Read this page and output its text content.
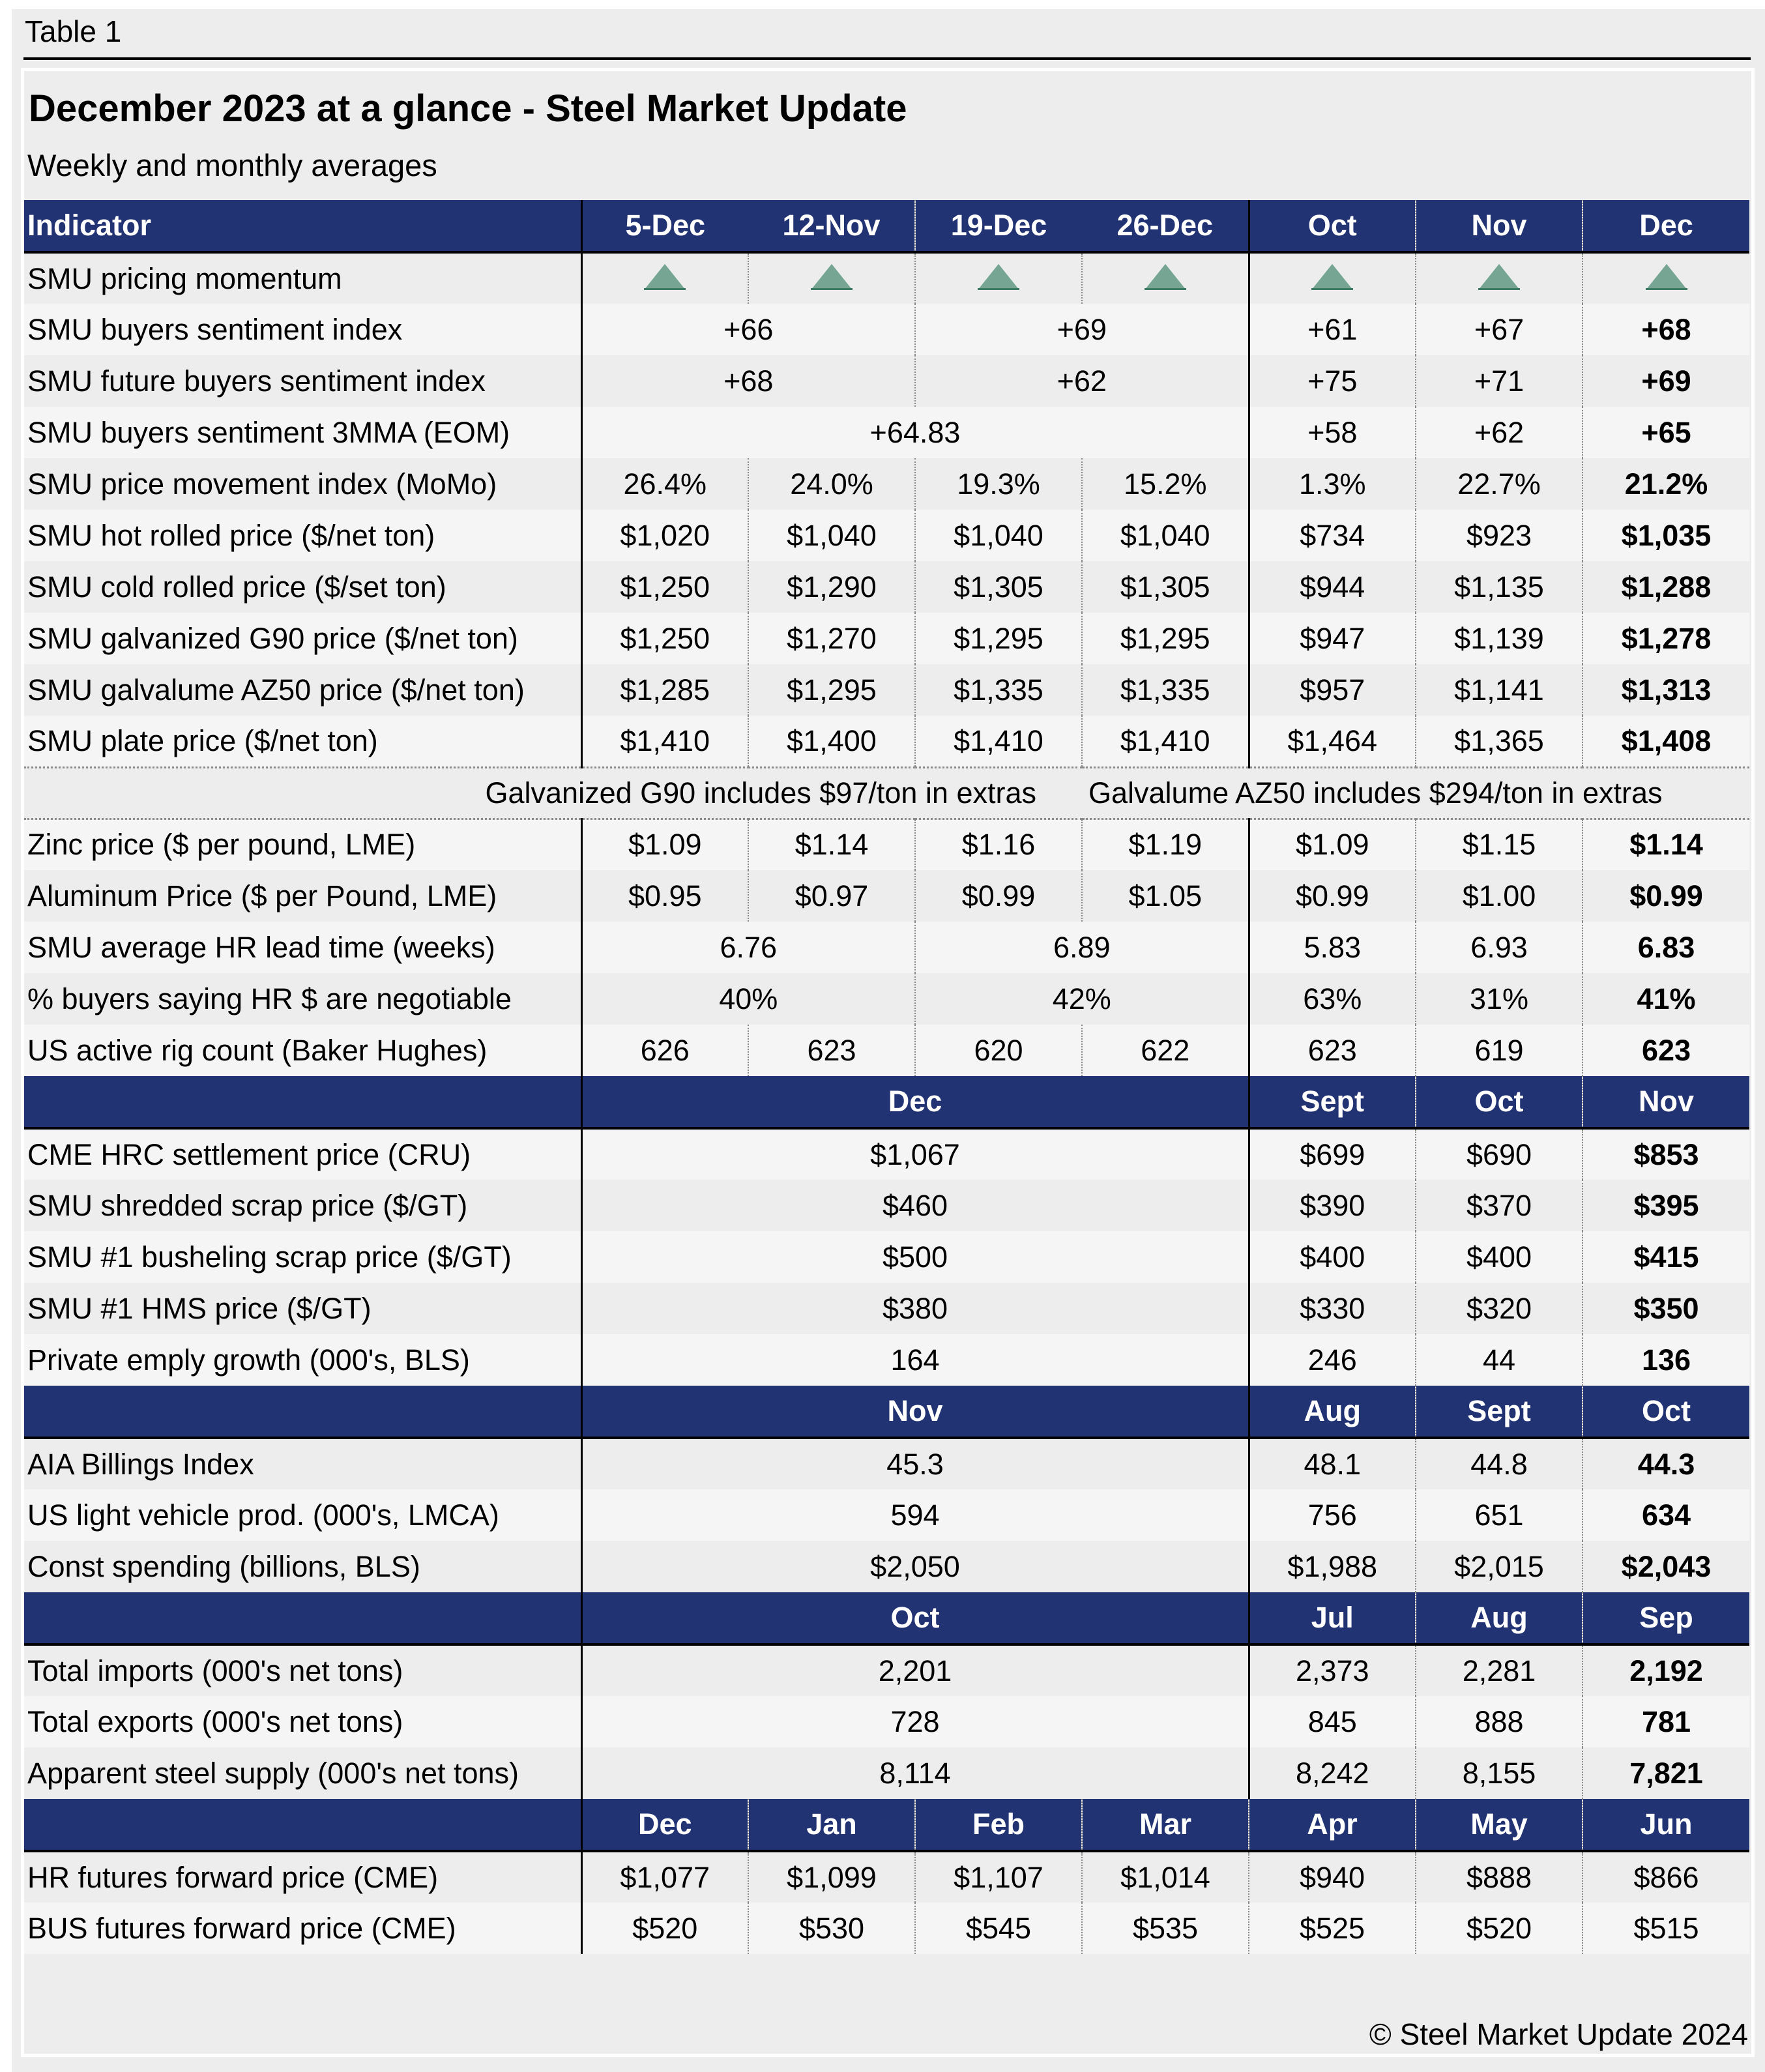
Table 1
December 2023 at a glance - Steel Market Update
Weekly and monthly averages
Indicator	5-Dec	12-Nov	19-Dec	26-Dec	Oct	Nov	Dec
SMU pricing momentum							
SMU buyers sentiment index	+66		+69		+61	+67	+68
SMU future buyers sentiment index	+68		+62		+75	+71	+69
SMU buyers sentiment 3MMA (EOM)	+64.83				+58	+62	+65
SMU price movement index (MoMo)	26.4%	24.0%	19.3%	15.2%	1.3%	22.7%	21.2%
SMU hot rolled price ($/net ton)	$1,020	$1,040	$1,040	$1,040	$734	$923	$1,035
SMU cold rolled price ($/set ton)	$1,250	$1,290	$1,305	$1,305	$944	$1,135	$1,288
SMU galvanized G90 price ($/net ton)	$1,250	$1,270	$1,295	$1,295	$947	$1,139	$1,278
SMU galvalume AZ50 price ($/net ton)	$1,285	$1,295	$1,335	$1,335	$957	$1,141	$1,313
SMU plate price ($/net ton)	$1,410	$1,400	$1,410	$1,410	$1,464	$1,365	$1,408
Galvanized G90 includes $97/ton in extras				Galvalume AZ50 includes $294/ton in extras			
Zinc price ($ per pound, LME)	$1.09	$1.14	$1.16	$1.19	$1.09	$1.15	$1.14
Aluminum Price ($ per Pound, LME)	$0.95	$0.97	$0.99	$1.05	$0.99	$1.00	$0.99
SMU average HR lead time (weeks)	6.76		6.89		5.83	6.93	6.83
% buyers saying HR $ are negotiable	40%		42%		63%	31%	41%
US active rig count (Baker Hughes)	626	623	620	622	623	619	623
	Dec				Sept	Oct	Nov
CME HRC settlement price (CRU)	$1,067				$699	$690	$853
SMU shredded scrap price ($/GT)	$460				$390	$370	$395
SMU #1 busheling scrap price ($/GT)	$500				$400	$400	$415
SMU #1 HMS price ($/GT)	$380				$330	$320	$350
Private emply growth (000's, BLS)	164				246	44	136
	Nov				Aug	Sept	Oct
AIA Billings Index	45.3				48.1	44.8	44.3
US light vehicle prod. (000's, LMCA)	594				756	651	634
Const spending (billions, BLS)	$2,050				$1,988	$2,015	$2,043
	Oct				Jul	Aug	Sep
Total imports (000's net tons)	2,201				2,373	2,281	2,192
Total exports (000's net tons)	728				845	888	781
Apparent steel supply (000's net tons)	8,114				8,242	8,155	7,821
	Dec	Jan	Feb	Mar	Apr	May	Jun
HR futures forward price (CME)	$1,077	$1,099	$1,107	$1,014	$940	$888	$866
BUS futures forward price (CME)	$520	$530	$545	$535	$525	$520	$515
© Steel Market Update 2024
